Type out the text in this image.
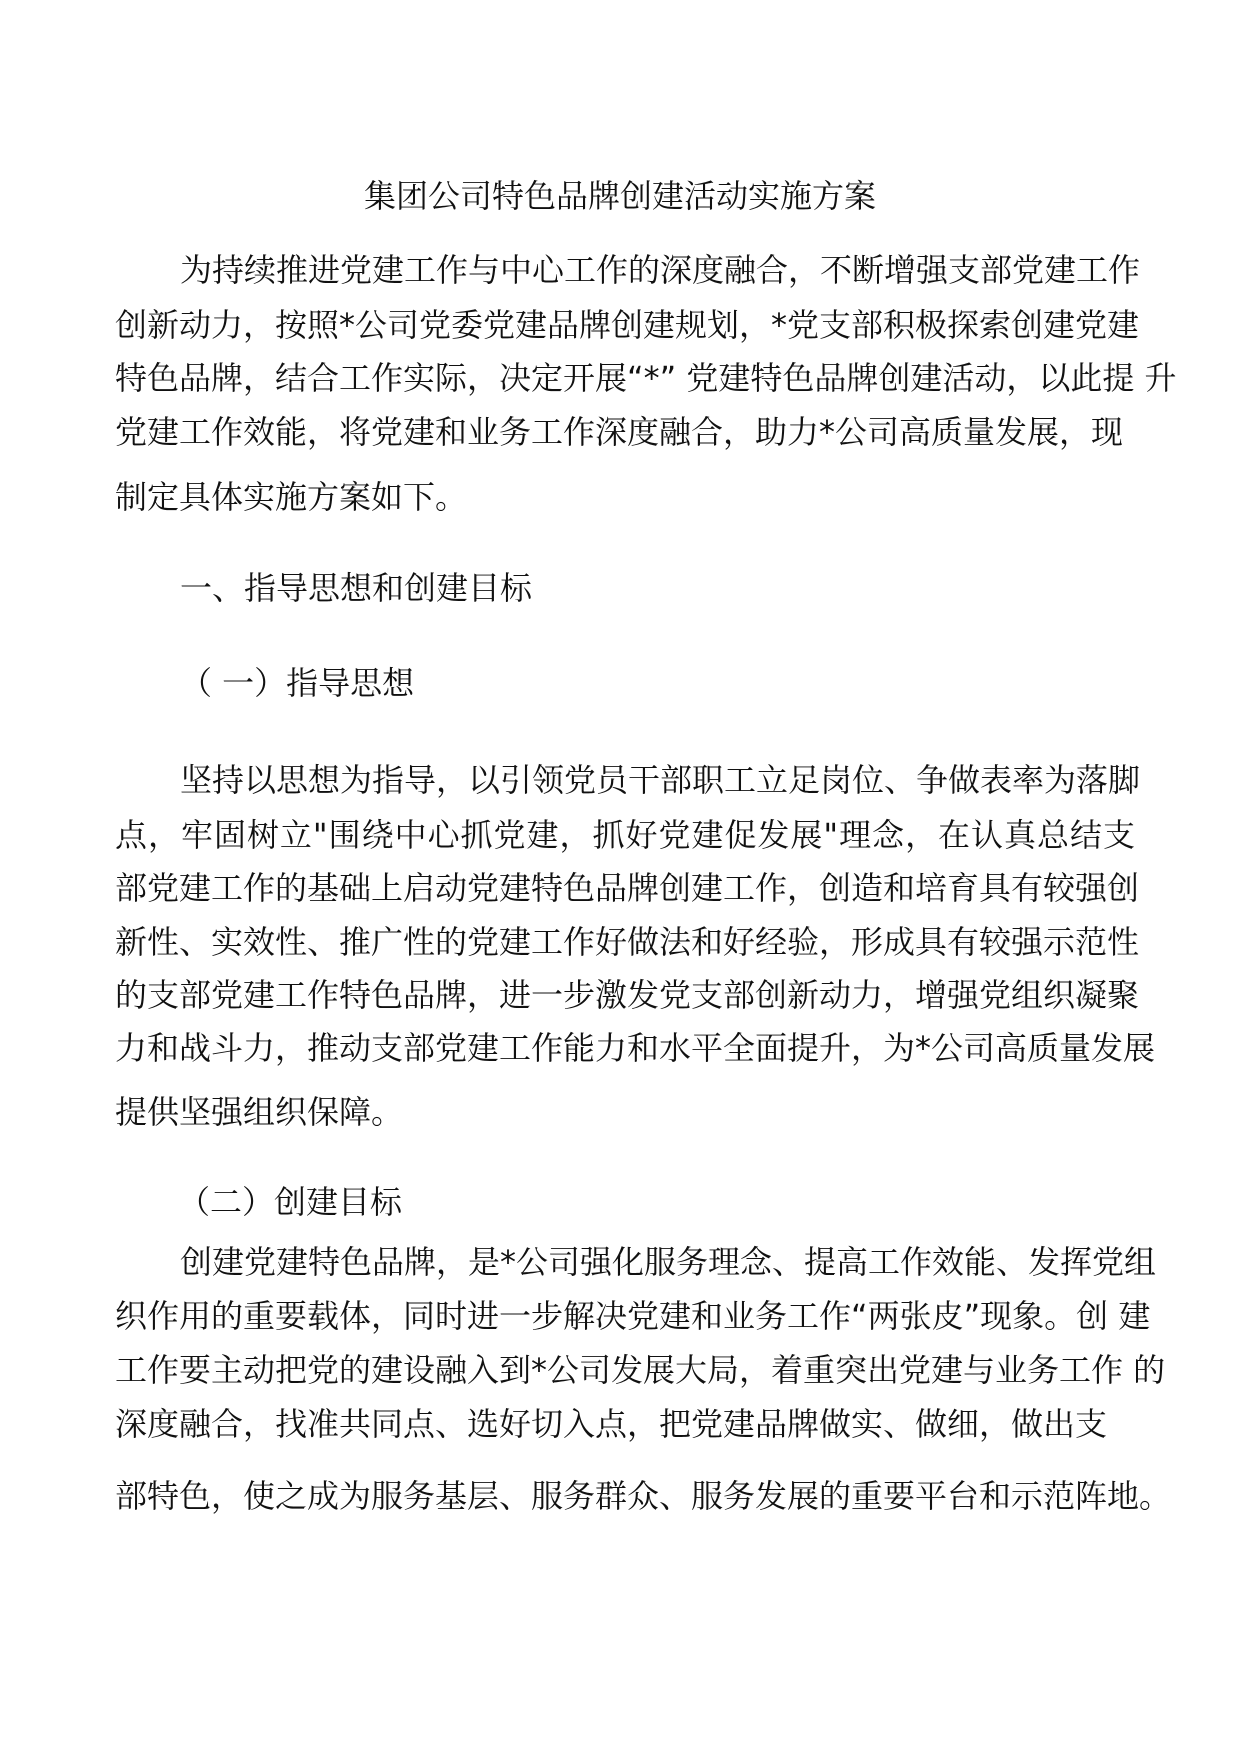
集团公司特色品牌创建活动实施方案

为持续推进党建工作与中心工作的深度融合，不断增强支部党建工作

创新动力，按照*公司党委党建品牌创建规划，*党支部积极探索创建党建

特色品牌，结合工作实际，决定开展“*” 党建特色品牌创建活动，以此提 升

党建工作效能，将党建和业务工作深度融合，助力*公司高质量发展，现

制定具体实施方案如下。

一、指导思想和创建目标

（ 一）指导思想

坚持以思想为指导，以引领党员干部职工立足岗位、争做表率为落脚

点，牢固树立"围绕中心抓党建，抓好党建促发展"理念，在认真总结支

部党建工作的基础上启动党建特色品牌创建工作，创造和培育具有较强创

新性、实效性、推广性的党建工作好做法和好经验，形成具有较强示范性

的支部党建工作特色品牌，进一步激发党支部创新动力，增强党组织凝聚

力和战斗力，推动支部党建工作能力和水平全面提升，为*公司高质量发展

提供坚强组织保障。

（二）创建目标

创建党建特色品牌，是*公司强化服务理念、提高工作效能、发挥党组

织作用的重要载体，同时进一步解决党建和业务工作“两张皮”现象。创 建

工作要主动把党的建设融入到*公司发展大局，着重突出党建与业务工作 的

深度融合，找准共同点、选好切入点，把党建品牌做实、做细，做出支

部特色，使之成为服务基层、服务群众、服务发展的重要平台和示范阵地。
